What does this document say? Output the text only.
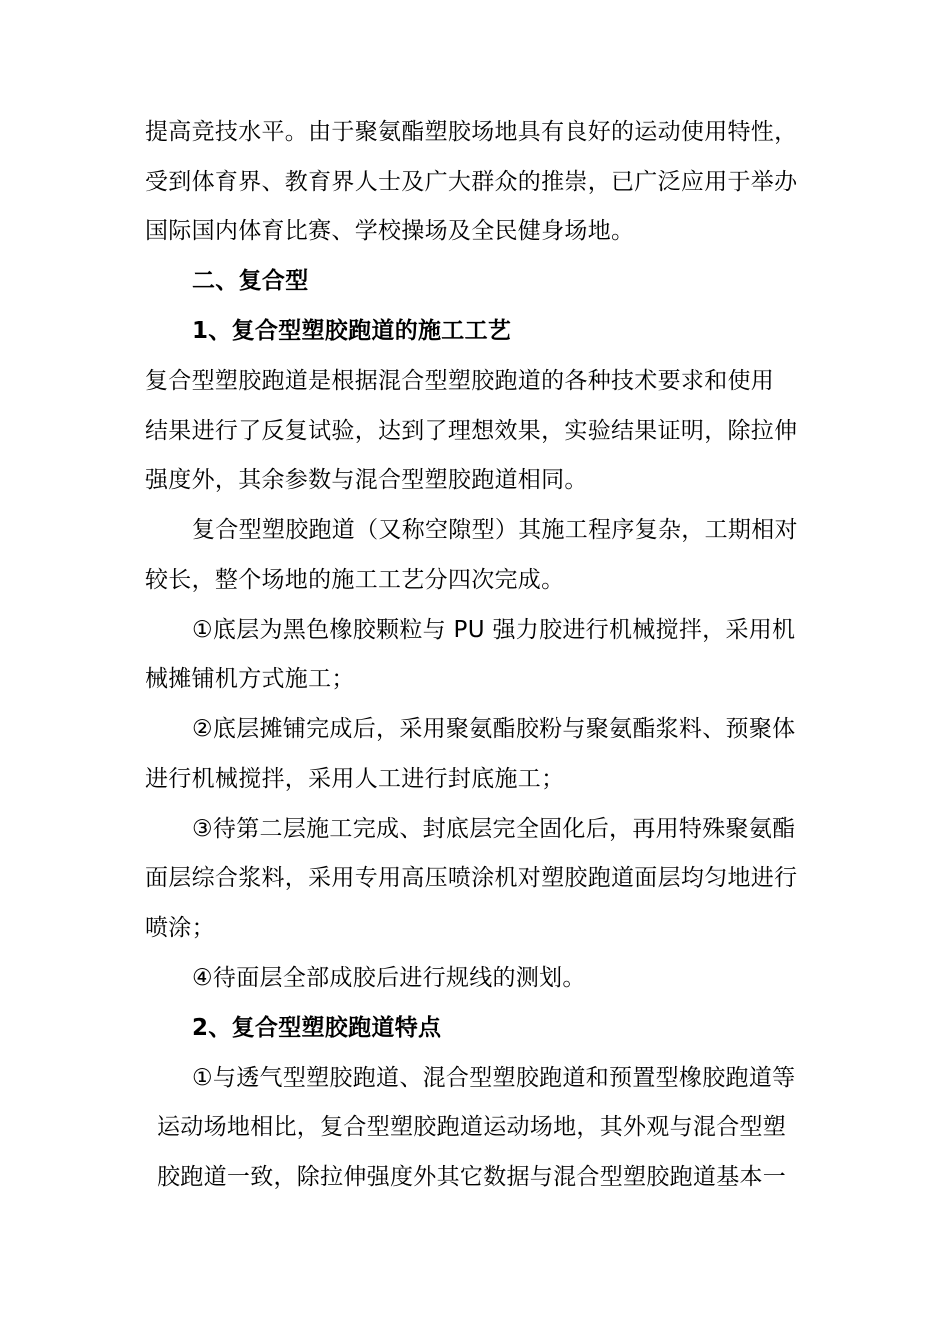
提高竞技水平。由于聚氨酯塑胶场地具有良好的运动使用特性，
受到体育界、教育界人士及广大群众的推崇，已广泛应用于举办
国际国内体育比赛、学校操场及全民健身场地。
二、复合型
1、复合型塑胶跑道的施工工艺
复合型塑胶跑道是根据混合型塑胶跑道的各种技术要求和使用
结果进行了反复试验，达到了理想效果，实验结果证明，除拉伸
强度外，其余参数与混合型塑胶跑道相同。
复合型塑胶跑道（又称空隙型）其施工程序复杂，工期相对
较长，整个场地的施工工艺分四次完成。
①底层为黑色橡胶颗粒与 PU 强力胶进行机械搅拌，采用机
械摊铺机方式施工；
②底层摊铺完成后，采用聚氨酯胶粉与聚氨酯浆料、预聚体
进行机械搅拌，采用人工进行封底施工；
③待第二层施工完成、封底层完全固化后，再用特殊聚氨酯
面层综合浆料，采用专用高压喷涂机对塑胶跑道面层均匀地进行
喷涂；
④待面层全部成胶后进行规线的测划。
2、复合型塑胶跑道特点
①与透气型塑胶跑道、混合型塑胶跑道和预置型橡胶跑道等
运动场地相比，复合型塑胶跑道运动场地，其外观与混合型塑
胶跑道一致，除拉伸强度外其它数据与混合型塑胶跑道基本一
